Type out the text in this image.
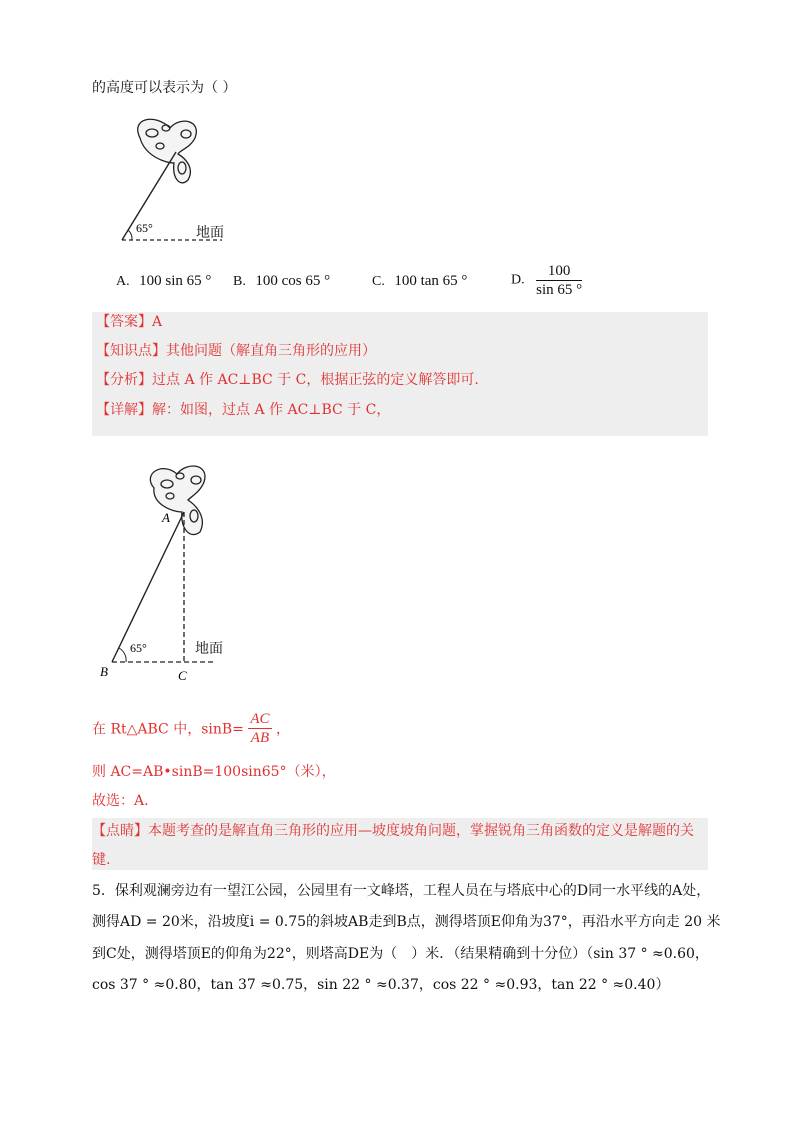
的高度可以表示为（ ）
65°	地面
A. 100 sin 65 ° B. 100 cos 65 °	C. 100 tan 65 °	D. $\frac{100}{\sin 65 ^\circ}$
【答案】A
【知识点】其他问题（解直角三角形的应用）
【分析】过点 A 作 AC⊥BC 于 C，根据正弦的定义解答即可.
【详解】解：如图，过点 A 作 AC⊥BC 于 C，
65°
A
B	C
地面
在 Rt△ABC 中，$\sin B= \frac{AC}{AB}$ ，
则 AC=AB•sinB=100sin65°（米），
故选：A.
【点睛】本题考查的是解直角三角形的应用—坡度坡角问题，掌握锐角三角函数的定义是解题的关
键.
5．保利观澜旁边有一望江公园，公园里有一文峰塔，工程人员在与塔底中心的D同一水平线的A处，
测得AD = 20米，沿坡度i = 0.75的斜坡AB走到B点，测得塔顶E仰角为37°，再沿水平方向走 20 米
到C处，测得塔顶E的仰角为22°，则塔高DE为（　）米．（结果精确到十分位）（sin 37 ° ≈0.60，
cos 37 ° ≈0.80，tan 37 ≈0.75，sin 22 ° ≈0.37，cos 22 ° ≈0.93，tan 22 ° ≈0.40）
